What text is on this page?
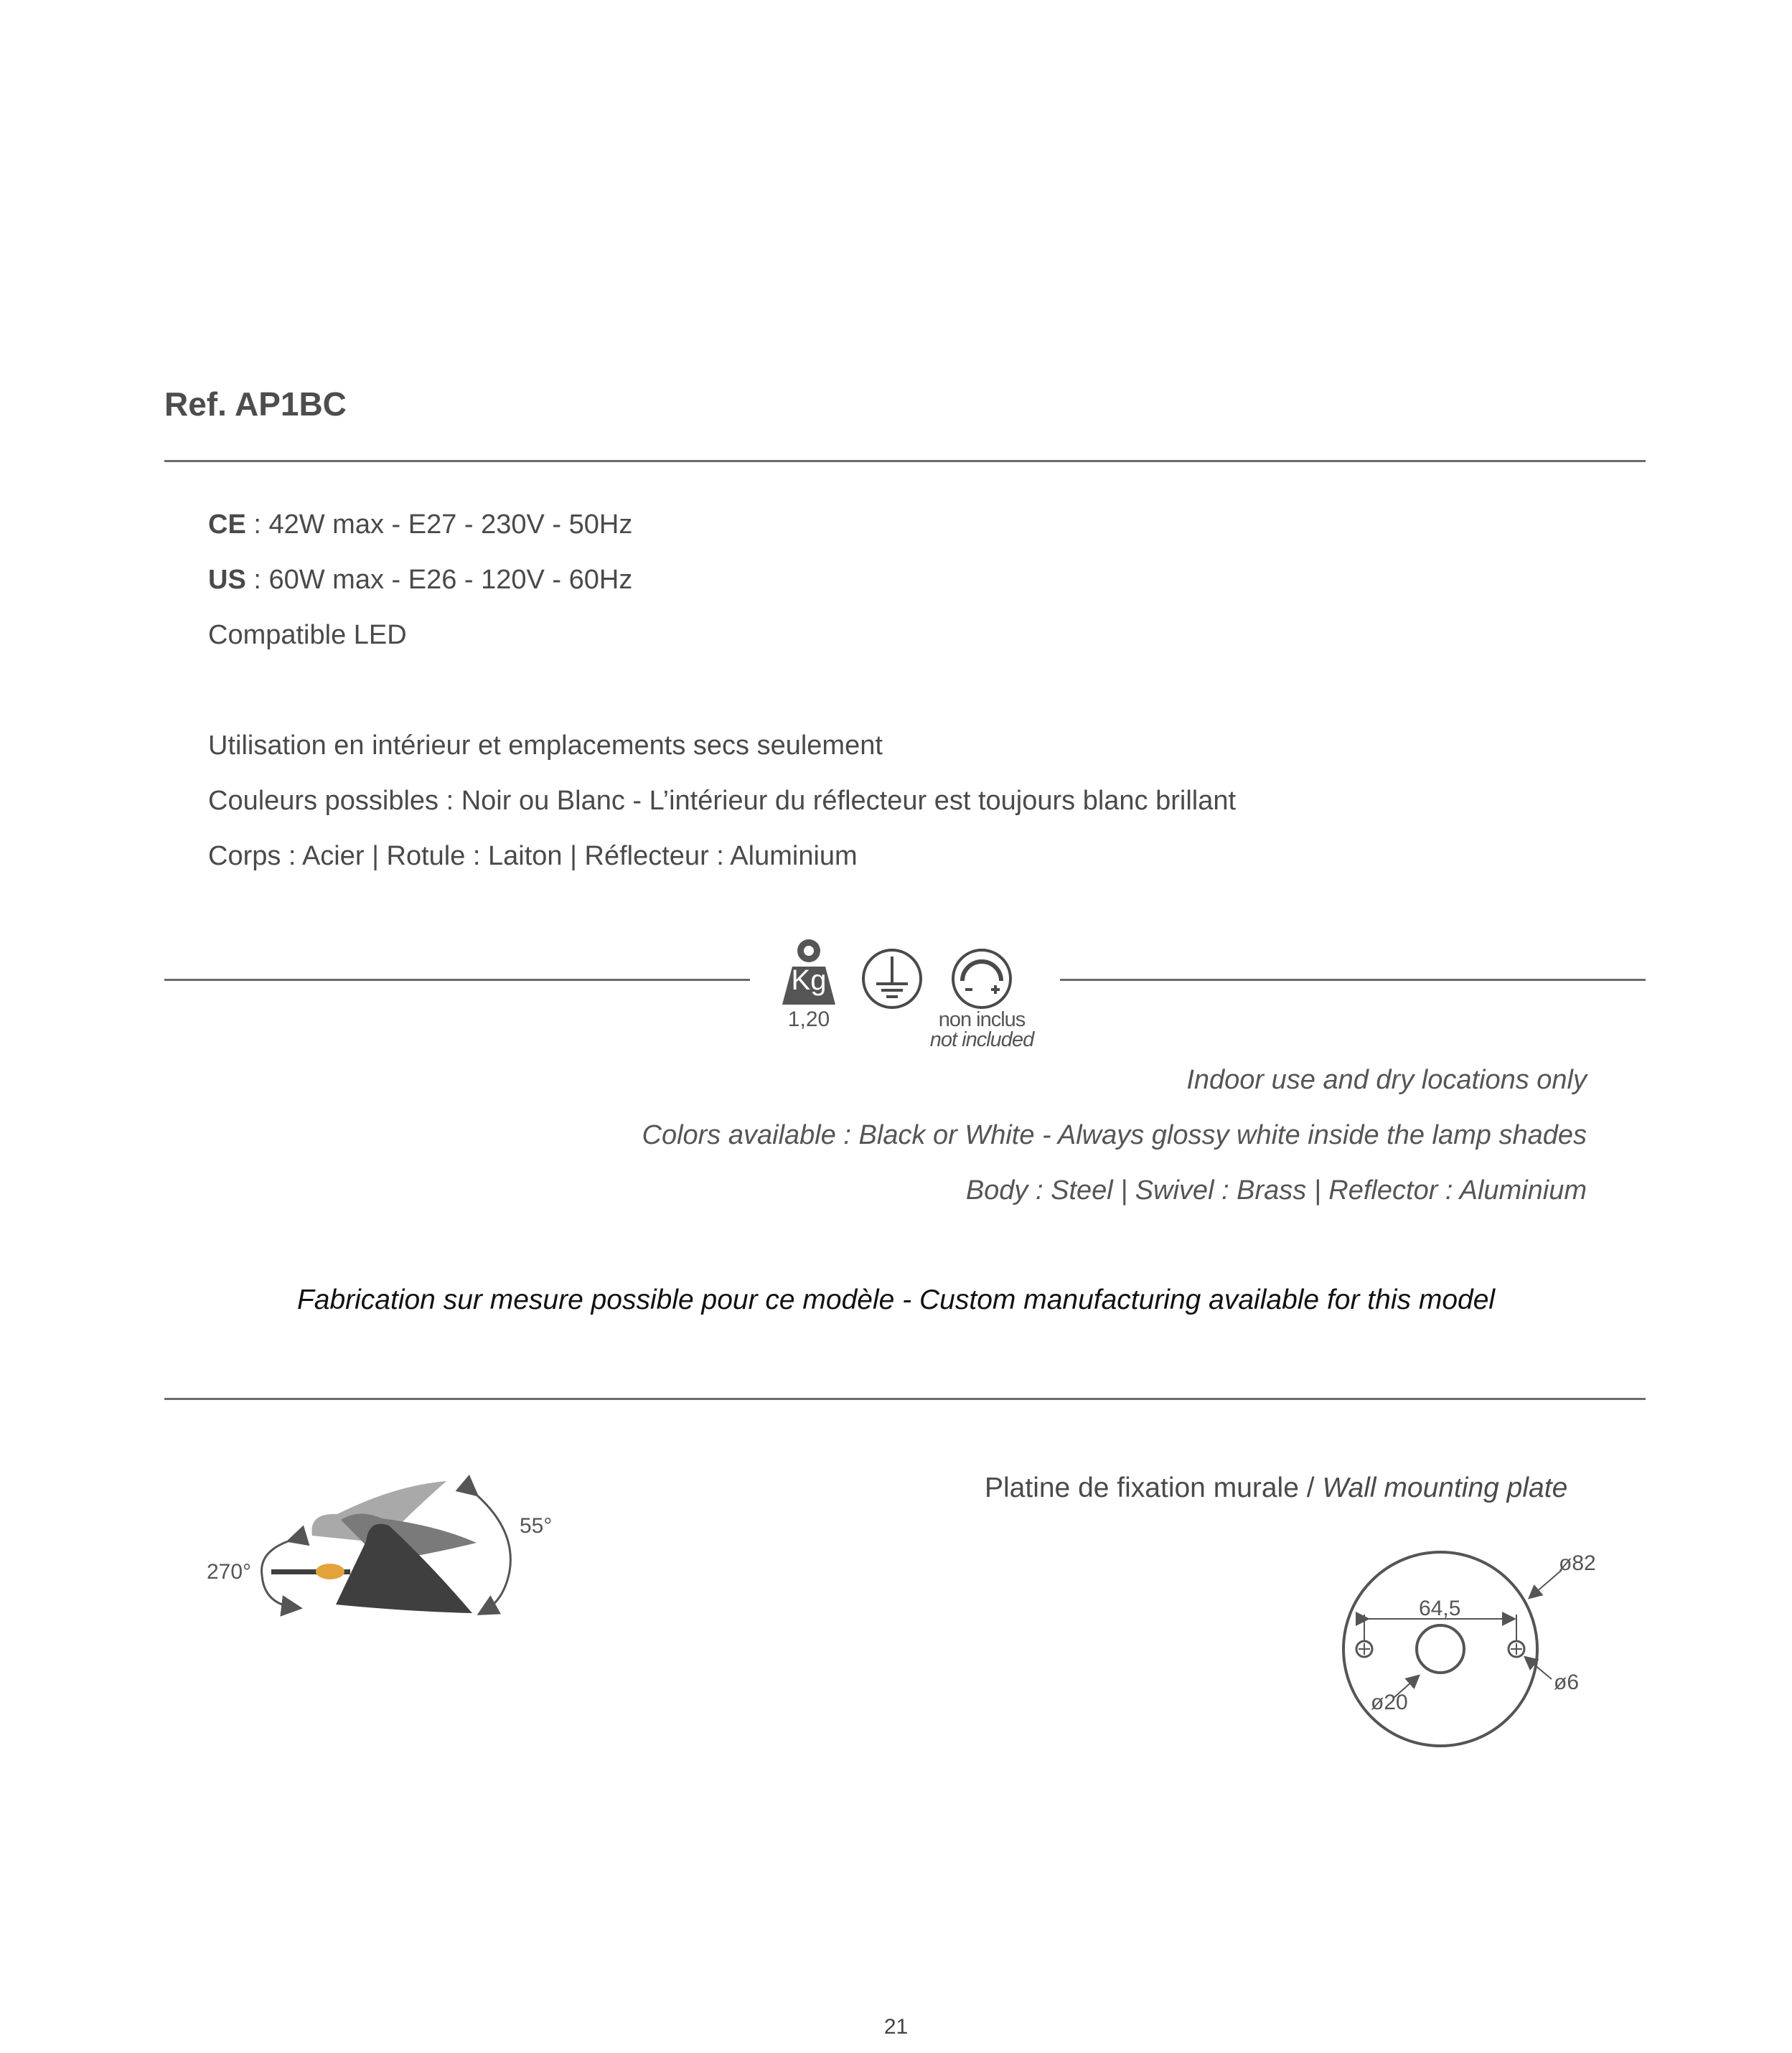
Ref. AP1BC
CE : 42W max - E27 - 230V - 50Hz
US : 60W max - E26 - 120V - 60Hz
Compatible LED
Utilisation en intérieur et emplacements secs seulement
Couleurs possibles : Noir ou Blanc - L’intérieur du réflecteur est toujours blanc brillant
Corps : Acier | Rotule : Laiton | Réflecteur : Aluminium
Kg
1,20	non inclus
not included
Indoor use and dry locations only
Colors available : Black or White - Always glossy white inside the lamp shades
Body : Steel | Swivel : Brass | Reflector : Aluminium
Fabrication sur mesure possible pour ce modèle - Custom manufacturing available for this model
270°
55°
Platine de fixation murale / Wall mounting plate
ø82
64,5
ø20
ø6
21
